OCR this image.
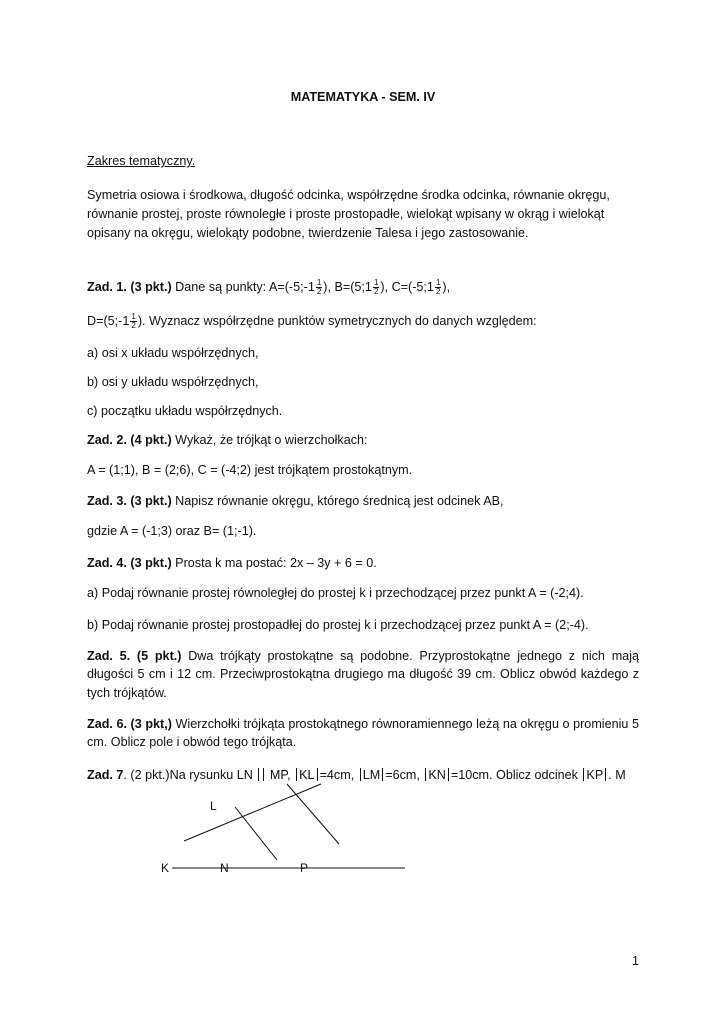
MATEMATYKA - SEM. IV
Zakres tematyczny.
Symetria osiowa i środkowa, długość odcinka, współrzędne środka odcinka, równanie okręgu,
równanie prostej, proste równoległe i proste prostopadłe, wielokąt wpisany w okrąg i wielokąt
opisany na okręgu, wielokąty podobne, twierdzenie Talesa i jego zastosowanie.
Zad. 1. (3 pkt.) Dane są punkty: A=(-5;-1 $\frac{1}{2}$ ), B=(5;1 $\frac{1}{2}$ ), C=(-5;1 $\frac{1}{2}$ ),
D=(5;-1 $\frac{1}{2}$ ). Wyznacz współrzędne punktów symetrycznych do danych względem:
a) osi x układu współrzędnych,
b) osi y układu współrzędnych,
c) początku układu współrzędnych.
Zad. 2. (4 pkt.) Wykaż, że trójkąt o wierzchołkach:
A = (1;1), B = (2;6), C = (-4;2) jest trójkątem prostokątnym.
Zad. 3. (3 pkt.) Napisz równanie okręgu, którego średnicą jest odcinek AB,
gdzie A = (-1;3) oraz B= (1;-1).
Zad. 4. (3 pkt.) Prosta k ma postać: 2x – 3y + 6 = 0.
a) Podaj równanie prostej równoległej do prostej k i przechodzącej przez punkt A = (-2;4).
b) Podaj równanie prostej prostopadłej do prostej k i przechodzącej przez punkt A = (2;-4).
Zad. 5. (5 pkt.) Dwa trójkąty prostokątne są podobne. Przyprostokątne jednego z nich mają długości 5 cm i 12 cm. Przeciwprostokątna drugiego ma długość 39 cm. Oblicz obwód każdego z tych trójkątów.
Zad. 6. (3 pkt,) Wierzchołki trójkąta prostokątnego równoramiennego leżą na okręgu o promieniu 5 cm. Oblicz pole i obwód tego trójkąta.
Zad. 7. (2 pkt.)Na rysunku LN  MP, KL =4cm, LM =6cm, KN =10cm. Oblicz odcinek KP . M
L
K	N	P
1
